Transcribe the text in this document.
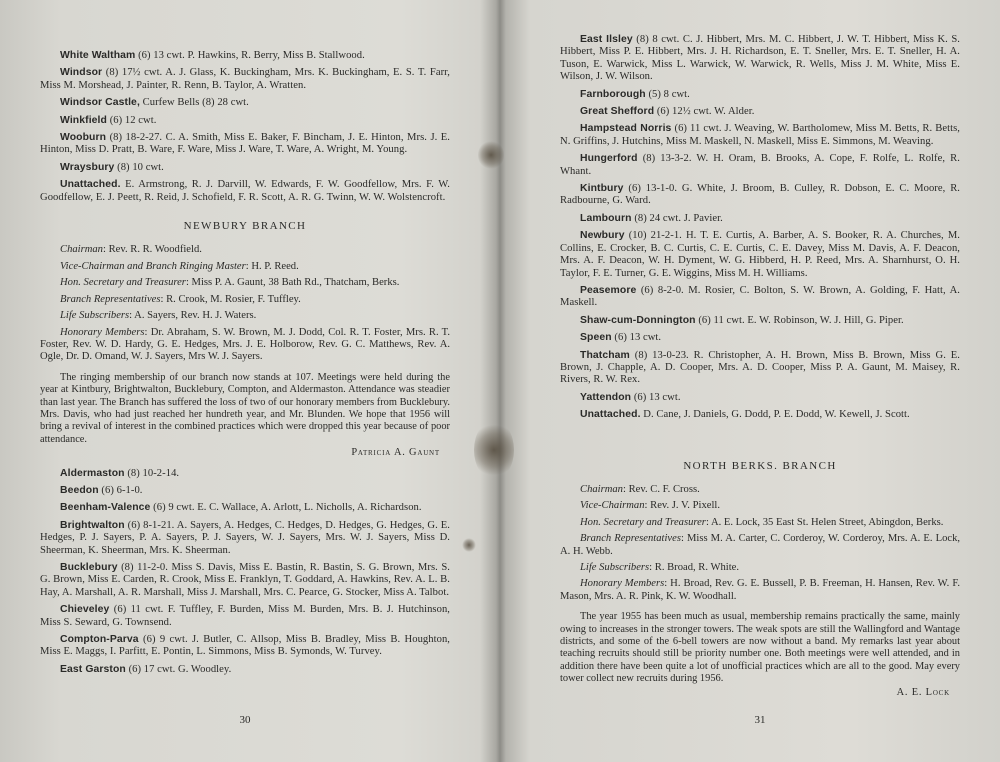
White Waltham (6) 13 cwt. P. Hawkins, R. Berry, Miss B. Stallwood.

Windsor (8) 17½ cwt. A. J. Glass, K. Buckingham, Mrs. K. Buckingham, E. S. T. Farr, Miss M. Morshead, J. Painter, R. Renn, B. Taylor, A. Wratten.

Windsor Castle, Curfew Bells (8) 28 cwt.

Winkfield (6) 12 cwt.

Wooburn (8) 18-2-27. C. A. Smith, Miss E. Baker, F. Bincham, J. E. Hinton, Mrs. J. E. Hinton, Miss D. Pratt, B. Ware, F. Ware, Miss J. Ware, T. Ware, A. Wright, M. Young.

Wraysbury (8) 10 cwt.

Unattached. E. Armstrong, R. J. Darvill, W. Edwards, F. W. Goodfellow, Mrs. F. W. Goodfellow, E. J. Peett, R. Reid, J. Schofield, F. R. Scott, A. R. G. Twinn, W. W. Wolstencroft.

NEWBURY BRANCH

Chairman: Rev. R. R. Woodfield.

Vice-Chairman and Branch Ringing Master: H. P. Reed.

Hon. Secretary and Treasurer: Miss P. A. Gaunt, 38 Bath Rd., Thatcham, Berks.

Branch Representatives: R. Crook, M. Rosier, F. Tuffley.

Life Subscribers: A. Sayers, Rev. H. J. Waters.

Honorary Members: Dr. Abraham, S. W. Brown, M. J. Dodd, Col. R. T. Foster, Mrs. R. T. Foster, Rev. W. D. Hardy, G. E. Hedges, Mrs. J. E. Holborow, Rev. G. C. Matthews, Rev. A. Ogle, Dr. D. Omand, W. J. Sayers, Mrs W. J. Sayers.

The ringing membership of our branch now stands at 107. Meetings were held during the year at Kintbury, Brightwalton, Bucklebury, Compton, and Aldermaston. Attendance was steadier than last year. The Branch has suffered the loss of two of our honorary members from Bucklebury. Mrs. Davis, who had just reached her hundreth year, and Mr. Blunden. We hope that 1956 will bring a revival of interest in the combined practices which were dropped this year because of poor attendance.
Patricia A. Gaunt

Aldermaston (8) 10-2-14.

Beedon (6) 6-1-0.

Beenham-Valence (6) 9 cwt. E. C. Wallace, A. Arlott, L. Nicholls, A. Richardson.

Brightwalton (6) 8-1-21. A. Sayers, A. Hedges, C. Hedges, D. Hedges, G. Hedges, G. E. Hedges, P. J. Sayers, P. A. Sayers, P. J. Sayers, W. J. Sayers, Mrs. W. J. Sayers, Miss D. Sheerman, K. Sheerman, Mrs. K. Sheerman.

Bucklebury (8) 11-2-0. Miss S. Davis, Miss E. Bastin, R. Bastin, S. G. Brown, Mrs. S. G. Brown, Miss E. Carden, R. Crook, Miss E. Franklyn, T. Goddard, A. Hawkins, Rev. A. L. B. Hay, A. Marshall, A. R. Marshall, Miss J. Marshall, Mrs. C. Pearce, G. Stocker, Miss A. Talbot.

Chieveley (6) 11 cwt. F. Tuffley, F. Burden, Miss M. Burden, Mrs. B. J. Hutchinson, Miss S. Seward, G. Townsend.

Compton-Parva (6) 9 cwt. J. Butler, C. Allsop, Miss B. Bradley, Miss B. Houghton, Miss E. Maggs, I. Parfitt, E. Pontin, L. Simmons, Miss B. Symonds, W. Turvey.

East Garston (6) 17 cwt. G. Woodley.

30

East Ilsley (8) 8 cwt. C. J. Hibbert, Mrs. M. C. Hibbert, J. W. T. Hibbert, Miss K. S. Hibbert, Miss P. E. Hibbert, Mrs. J. H. Richardson, E. T. Sneller, Mrs. E. T. Sneller, H. A. Tuson, E. Warwick, Miss L. Warwick, W. Warwick, R. Wells, Miss J. M. White, Miss E. Wilson, J. W. Wilson.

Farnborough (5) 8 cwt.

Great Shefford (6) 12½ cwt. W. Alder.

Hampstead Norris (6) 11 cwt. J. Weaving, W. Bartholomew, Miss M. Betts, R. Betts, N. Griffins, J. Hutchins, Miss M. Maskell, N. Maskell, Miss E. Simmons, M. Weaving.

Hungerford (8) 13-3-2. W. H. Oram, B. Brooks, A. Cope, F. Rolfe, L. Rolfe, R. Whant.

Kintbury (6) 13-1-0. G. White, J. Broom, B. Culley, R. Dobson, E. C. Moore, R. Radbourne, G. Ward.

Lambourn (8) 24 cwt. J. Pavier.

Newbury (10) 21-2-1. H. T. E. Curtis, A. Barber, A. S. Booker, R. A. Churches, M. Collins, E. Crocker, B. C. Curtis, C. E. Curtis, C. E. Davey, Miss M. Davis, A. F. Deacon, Mrs. A. F. Deacon, W. H. Dyment, W. G. Hibberd, H. P. Reed, Mrs. A. Sharnhurst, O. H. Taylor, F. E. Turner, G. E. Wiggins, Miss M. H. Williams.

Peasemore (6) 8-2-0. M. Rosier, C. Bolton, S. W. Brown, A. Golding, F. Hatt, A. Maskell.

Shaw-cum-Donnington (6) 11 cwt. E. W. Robinson, W. J. Hill, G. Piper.

Speen (6) 13 cwt.

Thatcham (8) 13-0-23. R. Christopher, A. H. Brown, Miss B. Brown, Miss G. E. Brown, J. Chapple, A. D. Cooper, Mrs. A. D. Cooper, Miss P. A. Gaunt, M. Maisey, R. Rivers, R. W. Rex.

Yattendon (6) 13 cwt.

Unattached. D. Cane, J. Daniels, G. Dodd, P. E. Dodd, W. Kewell, J. Scott.

NORTH BERKS. BRANCH

Chairman: Rev. C. F. Cross.

Vice-Chairman: Rev. J. V. Pixell.

Hon. Secretary and Treasurer: A. E. Lock, 35 East St. Helen Street, Abingdon, Berks.

Branch Representatives: Miss M. A. Carter, C. Corderoy, W. Corderoy, Mrs. A. E. Lock, A. H. Webb.

Life Subscribers: R. Broad, R. White.

Honorary Members: H. Broad, Rev. G. E. Bussell, P. B. Freeman, H. Hansen, Rev. W. F. Mason, Mrs. A. R. Pink, K. W. Woodhall.

The year 1955 has been much as usual, membership remains practically the same, mainly owing to increases in the stronger towers. The weak spots are still the Wallingford and Wantage districts, and some of the 6-bell towers are now without a band. My remarks last year about teaching recruits should still be priority number one. Both meetings were well attended, and in addition there have been quite a lot of unofficial practices which are all to the good. May every tower collect new recruits during 1956.
A. E. Lock
31
